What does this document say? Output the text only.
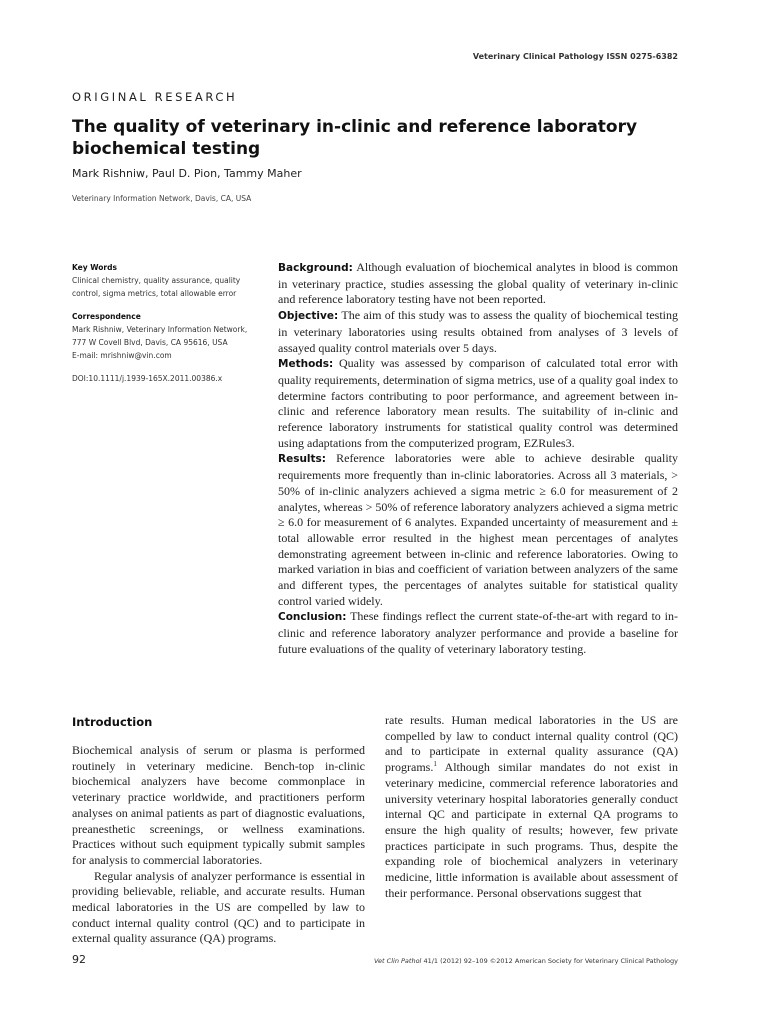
Veterinary Clinical Pathology ISSN 0275-6382
ORIGINAL RESEARCH
The quality of veterinary in-clinic and reference laboratory biochemical testing
Mark Rishniw, Paul D. Pion, Tammy Maher
Veterinary Information Network, Davis, CA, USA
Key Words
Clinical chemistry, quality assurance, quality control, sigma metrics, total allowable error
Correspondence
Mark Rishniw, Veterinary Information Network, 777 W Covell Blvd, Davis, CA 95616, USA
E-mail: mrishniw@vin.com
DOI:10.1111/j.1939-165X.2011.00386.x

Background: Although evaluation of biochemical analytes in blood is common in veterinary practice, studies assessing the global quality of veterinary in-clinic and reference laboratory testing have not been reported.

Objective: The aim of this study was to assess the quality of biochemical testing in veterinary laboratories using results obtained from analyses of 3 levels of assayed quality control materials over 5 days.

Methods: Quality was assessed by comparison of calculated total error with quality requirements, determination of sigma metrics, use of a quality goal index to determine factors contributing to poor performance, and agreement between in-clinic and reference laboratory mean results. The suitability of in-clinic and reference laboratory instruments for statistical quality control was determined using adaptations from the computerized program, EZRules3.

Results: Reference laboratories were able to achieve desirable quality requirements more frequently than in-clinic laboratories. Across all 3 materials, > 50% of in-clinic analyzers achieved a sigma metric ≥ 6.0 for measurement of 2 analytes, whereas > 50% of reference laboratory analyzers achieved a sigma metric ≥ 6.0 for measurement of 6 analytes. Expanded uncertainty of measurement and ± total allowable error resulted in the highest mean percentages of analytes demonstrating agreement between in-clinic and reference laboratories. Owing to marked variation in bias and coefficient of variation between analyzers of the same and different types, the percentages of analytes suitable for statistical quality control varied widely.

Conclusion: These findings reflect the current state-of-the-art with regard to in-clinic and reference laboratory analyzer performance and provide a baseline for future evaluations of the quality of veterinary laboratory testing.

Introduction

Biochemical analysis of serum or plasma is performed routinely in veterinary medicine. Bench-top in-clinic biochemical analyzers have become commonplace in veterinary practice worldwide, and practitioners perform analyses on animal patients as part of diagnostic evaluations, preanesthetic screenings, or wellness examinations. Practices without such equipment typically submit samples for analysis to commercial laboratories.

Regular analysis of analyzer performance is essential in providing believable, reliable, and accurate results. Human medical laboratories in the US are compelled by law to conduct internal quality control (QC) and to participate in external quality assurance (QA) programs.

rate results. Human medical laboratories in the US are compelled by law to conduct internal quality control (QC) and to participate in external quality assurance (QA) programs.$^1$ Although similar mandates do not exist in veterinary medicine, commercial reference laboratories and university veterinary hospital laboratories generally conduct internal QC and participate in external QA programs to ensure the high quality of results; however, few private practices participate in such programs. Thus, despite the expanding role of biochemical analyzers in veterinary medicine, little information is available about assessment of their performance. Personal observations suggest that

92	Vet Clin Pathol 41/1 (2012) 92–109 ©2012 American Society for Veterinary Clinical Pathology
